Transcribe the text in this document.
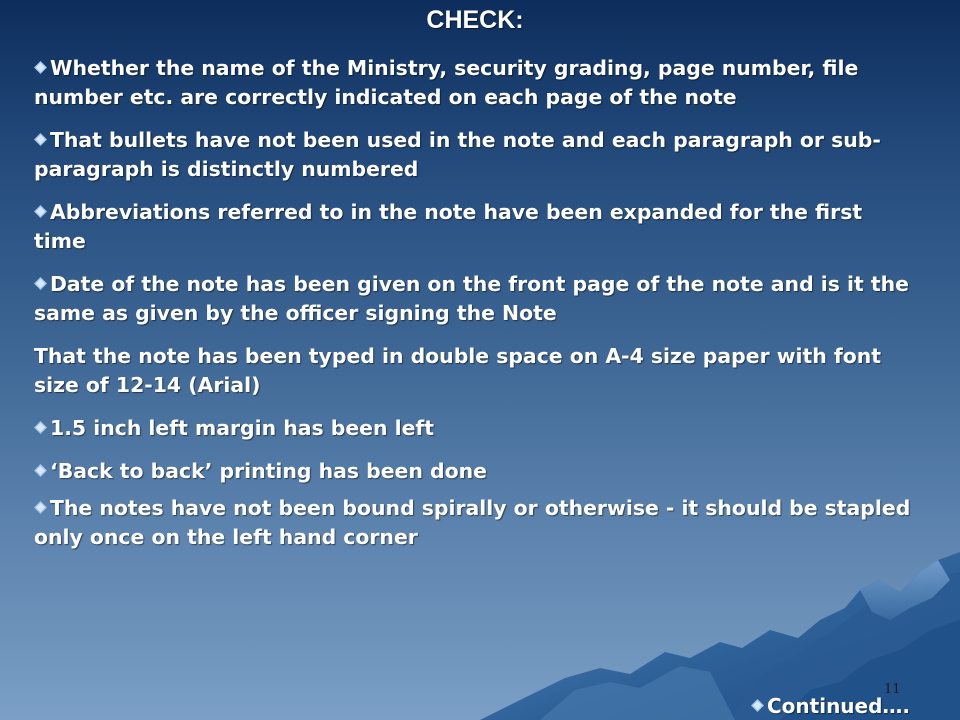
CHECK:

Whether the name of the Ministry, security grading, page number, file number etc. are correctly indicated on each page of the note

That bullets have not been used in the note and each paragraph or sub-paragraph is distinctly numbered

Abbreviations referred to in the note have been expanded for the first time

Date of the note has been given on the front page of the note and is it the same as given by the officer signing the Note

That the note has been typed in double space on A-4 size paper with font size of 12-14 (Arial)

1.5 inch left margin has been left

‘Back to back’ printing has been done

The notes have not been bound spirally or otherwise - it should be stapled only once on the left hand corner

11
Continued….
